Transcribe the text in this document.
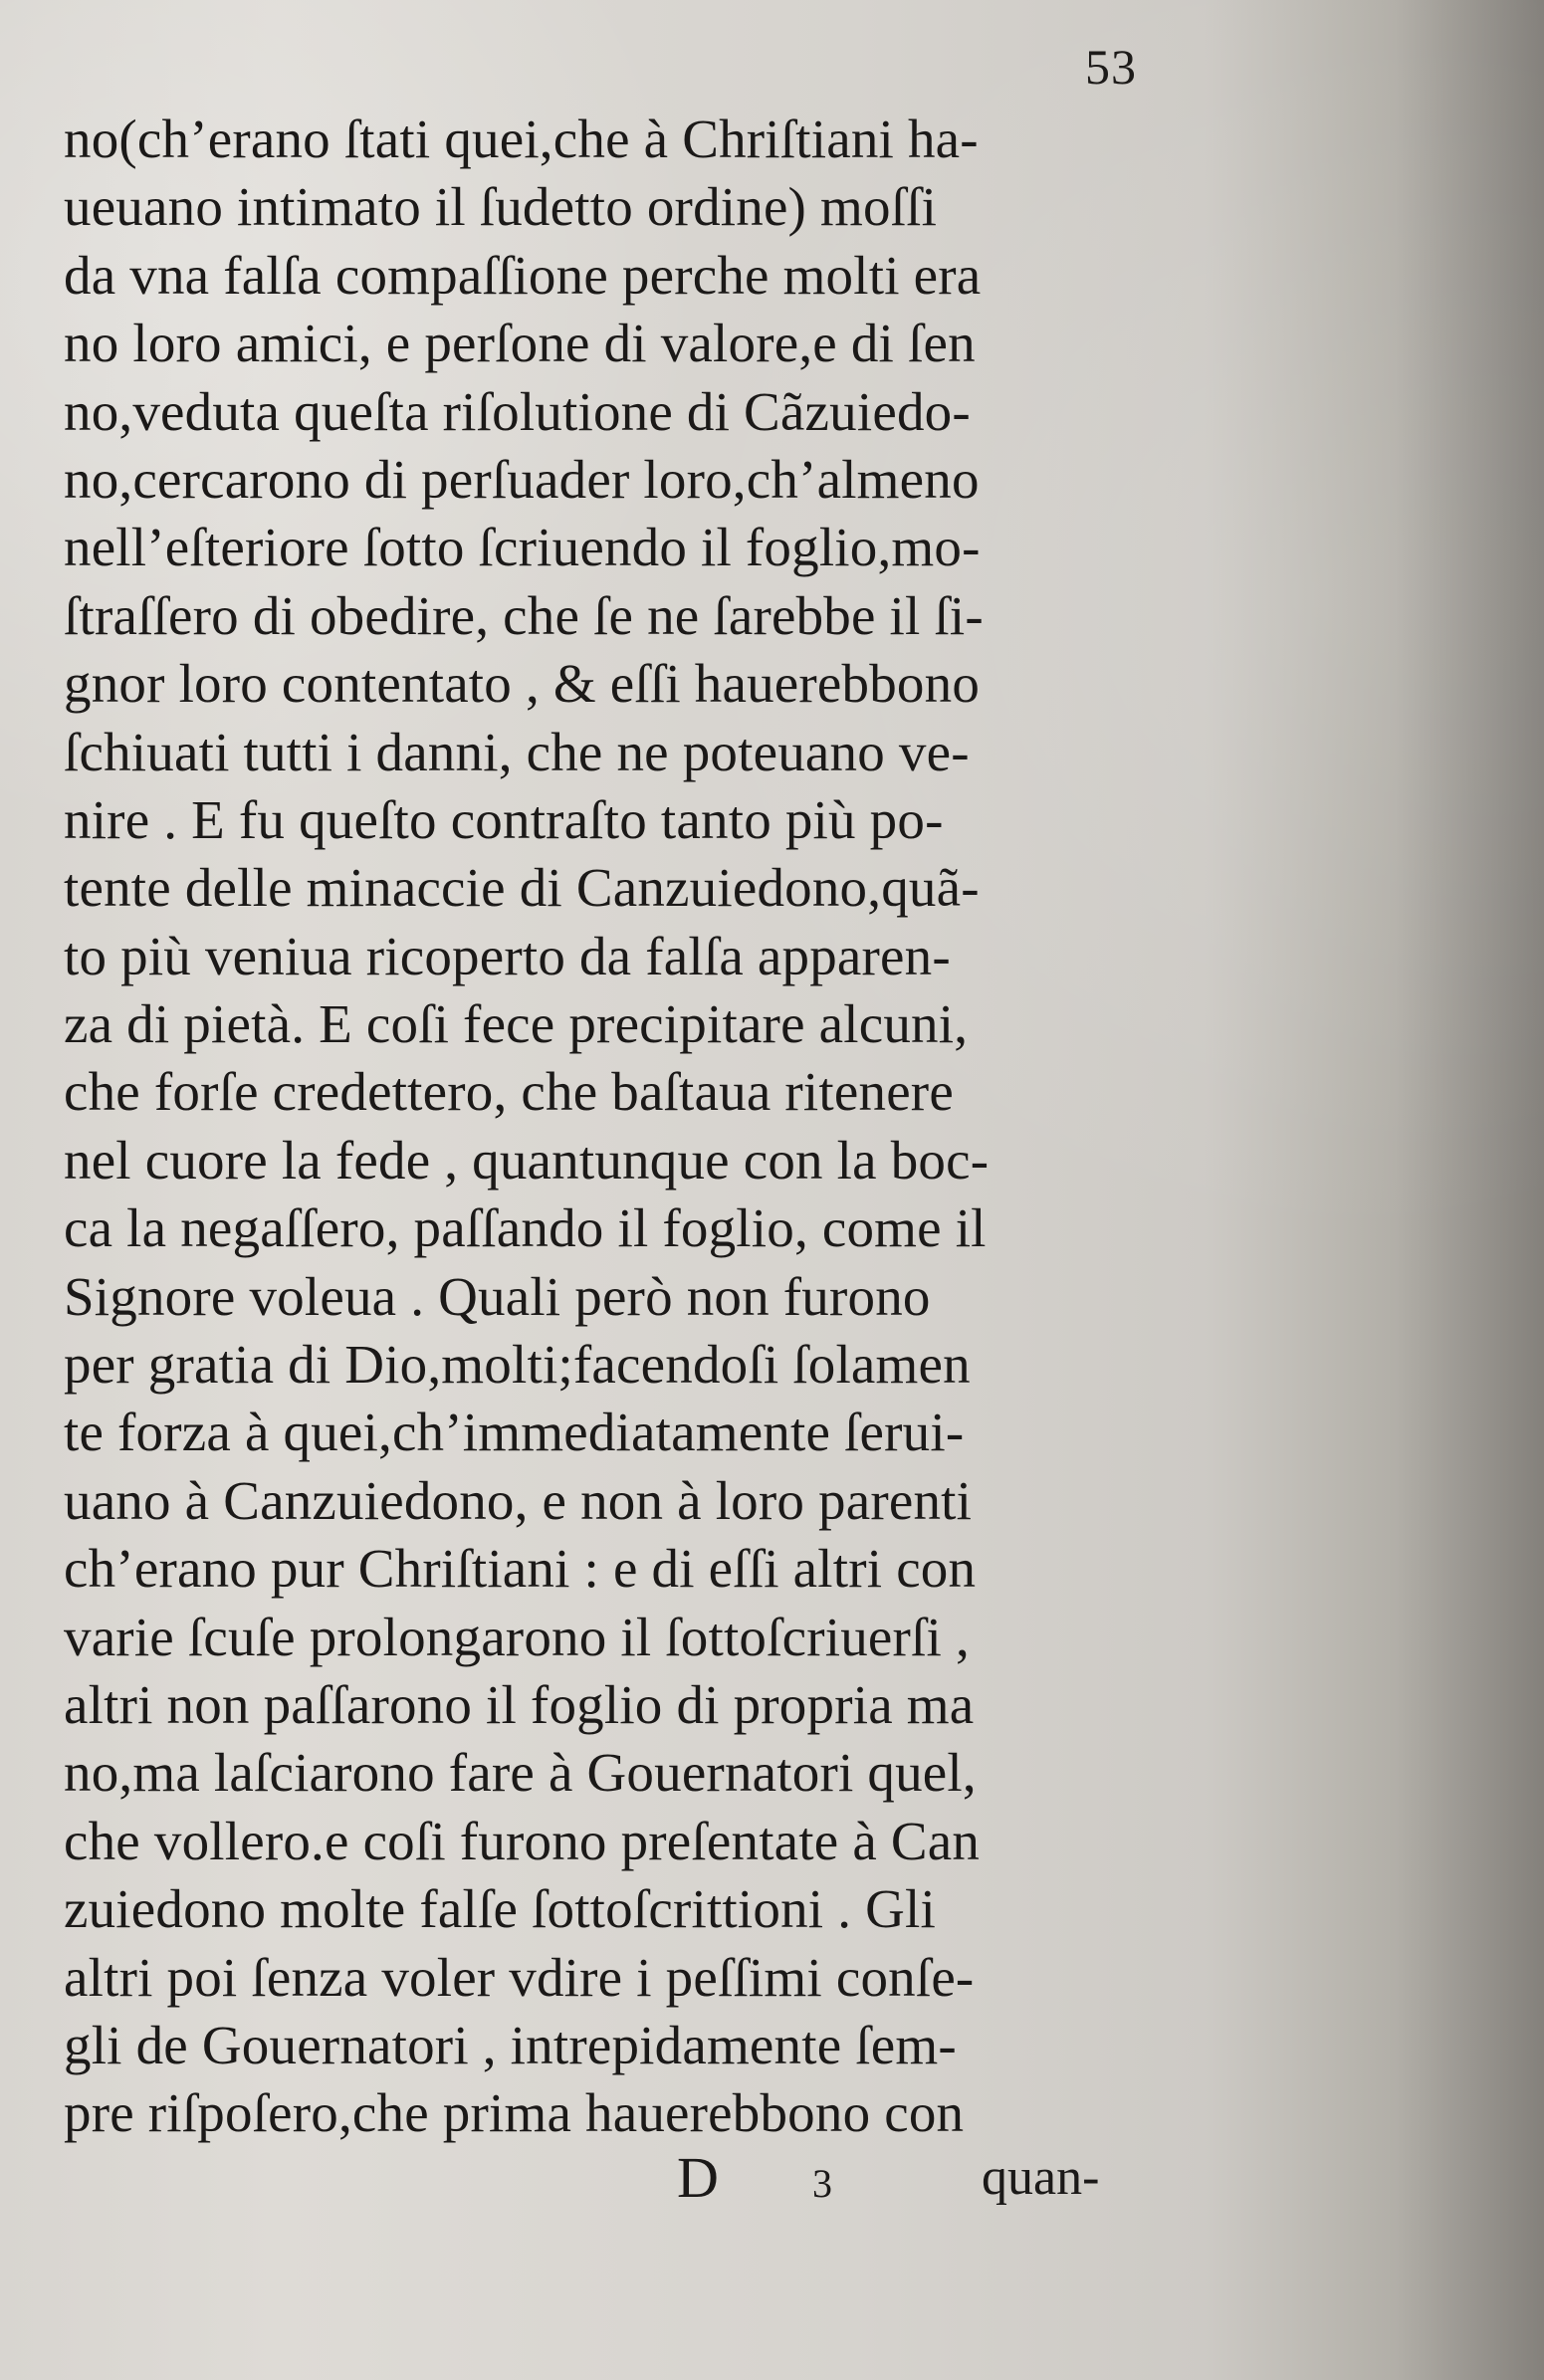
53
no(ch’erano ſtati quei,che à Chriſtiani ha-
ueuano intimato il ſudetto ordine) moſſi
da vna falſa compaſſione perche molti era
no loro amici, e perſone di valore,e di ſen
no,veduta queſta riſolutione di Cãzuiedo-
no,cercarono di perſuader loro,ch’almeno
nell’eſteriore ſotto ſcriuendo il foglio,mo-
ſtraſſero di obedire, che ſe ne ſarebbe il ſi-
gnor loro contentato , & eſſi hauerebbono
ſchiuati tutti i danni, che ne poteuano ve-
nire . E fu queſto contraſto tanto più po-
tente delle minaccie di Canzuiedono,quã-
to più veniua ricoperto da falſa apparen-
za di pietà. E coſi fece precipitare alcuni,
che forſe credettero, che baſtaua ritenere
nel cuore la fede , quantunque con la boc-
ca la negaſſero, paſſando il foglio, come il
Signore voleua . Quali però non furono
per gratia di Dio,molti;facendoſi ſolamen
te forza à quei,ch’immediatamente ſerui-
uano à Canzuiedono, e non à loro parenti
ch’erano pur Chriſtiani : e di eſſi altri con
varie ſcuſe prolongarono il ſottoſcriuerſi ,
altri non paſſarono il foglio di propria ma
no,ma laſciarono fare à Gouernatori quel,
che vollero.e coſi furono preſentate à Can
zuiedono molte falſe ſottoſcrittioni . Gli
altri poi ſenza voler vdire i peſſimi conſe-
gli de Gouernatori , intrepidamente ſem-
pre riſpoſero,che prima hauerebbono con
D 3	quan-
